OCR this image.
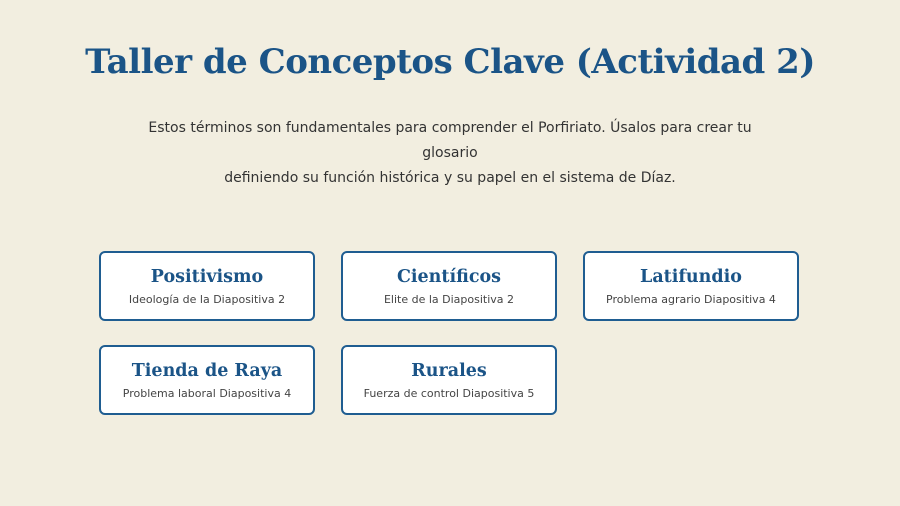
Taller de Conceptos Clave (Actividad 2)

Estos términos son fundamentales para comprender el Porfiriato. Úsalos para crear tu glosario
definiendo su función histórica y su papel en el sistema de Díaz.

Positivismo
Ideología de la Diapositiva 2
Científicos
Elite de la Diapositiva 2
Latifundio
Problema agrario Diapositiva 4
Tienda de Raya
Problema laboral Diapositiva 4
Rurales
Fuerza de control Diapositiva 5
